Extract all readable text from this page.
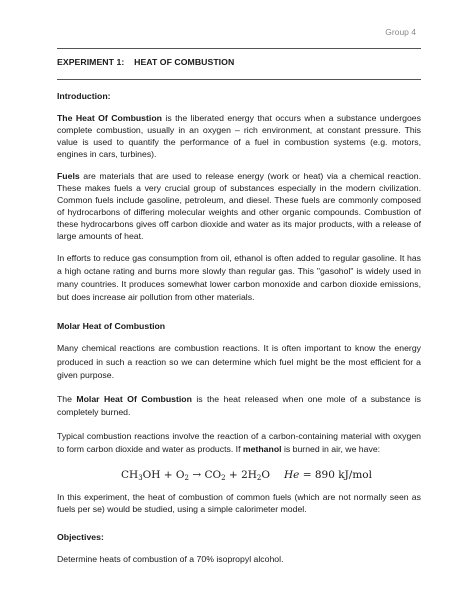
Group 4
EXPERIMENT 1:    HEAT OF COMBUSTION

Introduction:

The Heat Of Combustion is the liberated energy that occurs when a substance undergoes complete combustion, usually in an oxygen – rich environment, at constant pressure. This value is used to quantify the performance of a fuel in combustion systems (e.g. motors, engines in cars, turbines).

Fuels are materials that are used to release energy (work or heat) via a chemical reaction. These makes fuels a very crucial group of substances especially in the modern civilization. Common fuels include gasoline, petroleum, and diesel. These fuels are commonly composed of hydrocarbons of differing molecular weights and other organic compounds. Combustion of these hydrocarbons gives off carbon dioxide and water as its major products, with a release of large amounts of heat.

In efforts to reduce gas consumption from oil, ethanol is often added to regular gasoline. It has a high octane rating and burns more slowly than regular gas. This "gasohol" is widely used in many countries. It produces somewhat lower carbon monoxide and carbon dioxide emissions, but does increase air pollution from other materials.

Molar Heat of Combustion

Many chemical reactions are combustion reactions. It is often important to know the energy produced in such a reaction so we can determine which fuel might be the most efficient for a given purpose.

The Molar Heat Of Combustion is the heat released when one mole of a substance is completely burned.

Typical combustion reactions involve the reaction of a carbon-containing material with oxygen to form carbon dioxide and water as products. If methanol is burned in air, we have:

$CH_3OH + O_2 \to CO_2 + 2H_2O$ He = 890 kJ/mol

In this experiment, the heat of combustion of common fuels (which are not normally seen as fuels per se) would be studied, using a simple calorimeter model.

Objectives:

Determine heats of combustion of a 70% isopropyl alcohol.
